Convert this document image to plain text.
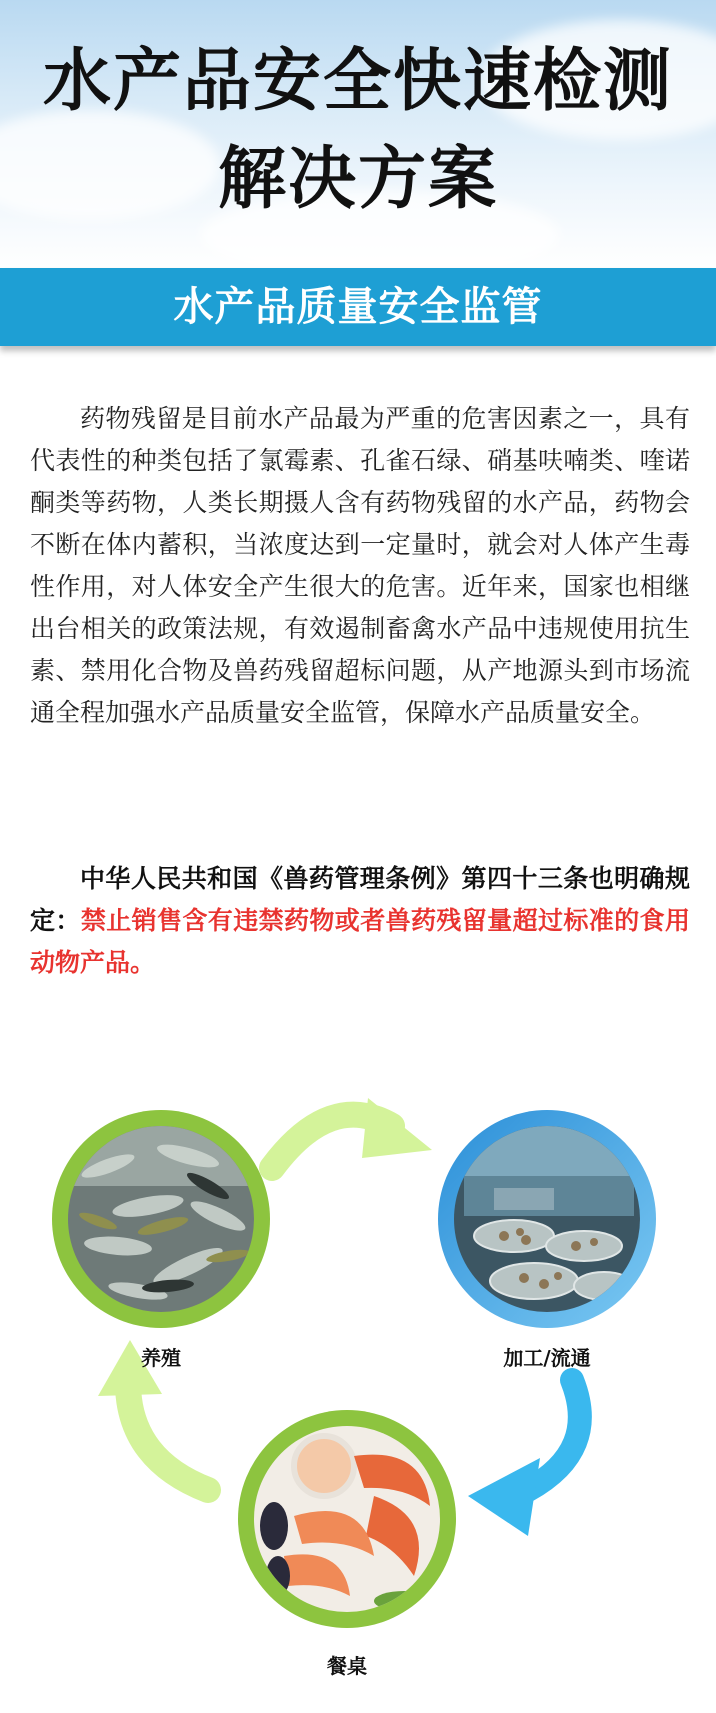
水产品安全快速检测
解决方案
水产品质量安全监管

药物残留是目前水产品最为严重的危害因素之一，具有代表性的种类包括了氯霉素、孔雀石绿、硝基呋喃类、喹诺酮类等药物，人类长期摄人含有药物残留的水产品，药物会不断在体内蓄积，当浓度达到一定量时，就会对人体产生毒性作用，对人体安全产生很大的危害。近年来，国家也相继出台相关的政策法规，有效遏制畜禽水产品中违规使用抗生素、禁用化合物及兽药残留超标问题，从产地源头到市场流通全程加强水产品质量安全监管，保障水产品质量安全。

中华人民共和国《兽药管理条例》第四十三条也明确规定：禁止销售含有违禁药物或者兽药残留量超过标准的食用动物产品。

养殖	加工/流通
餐桌
